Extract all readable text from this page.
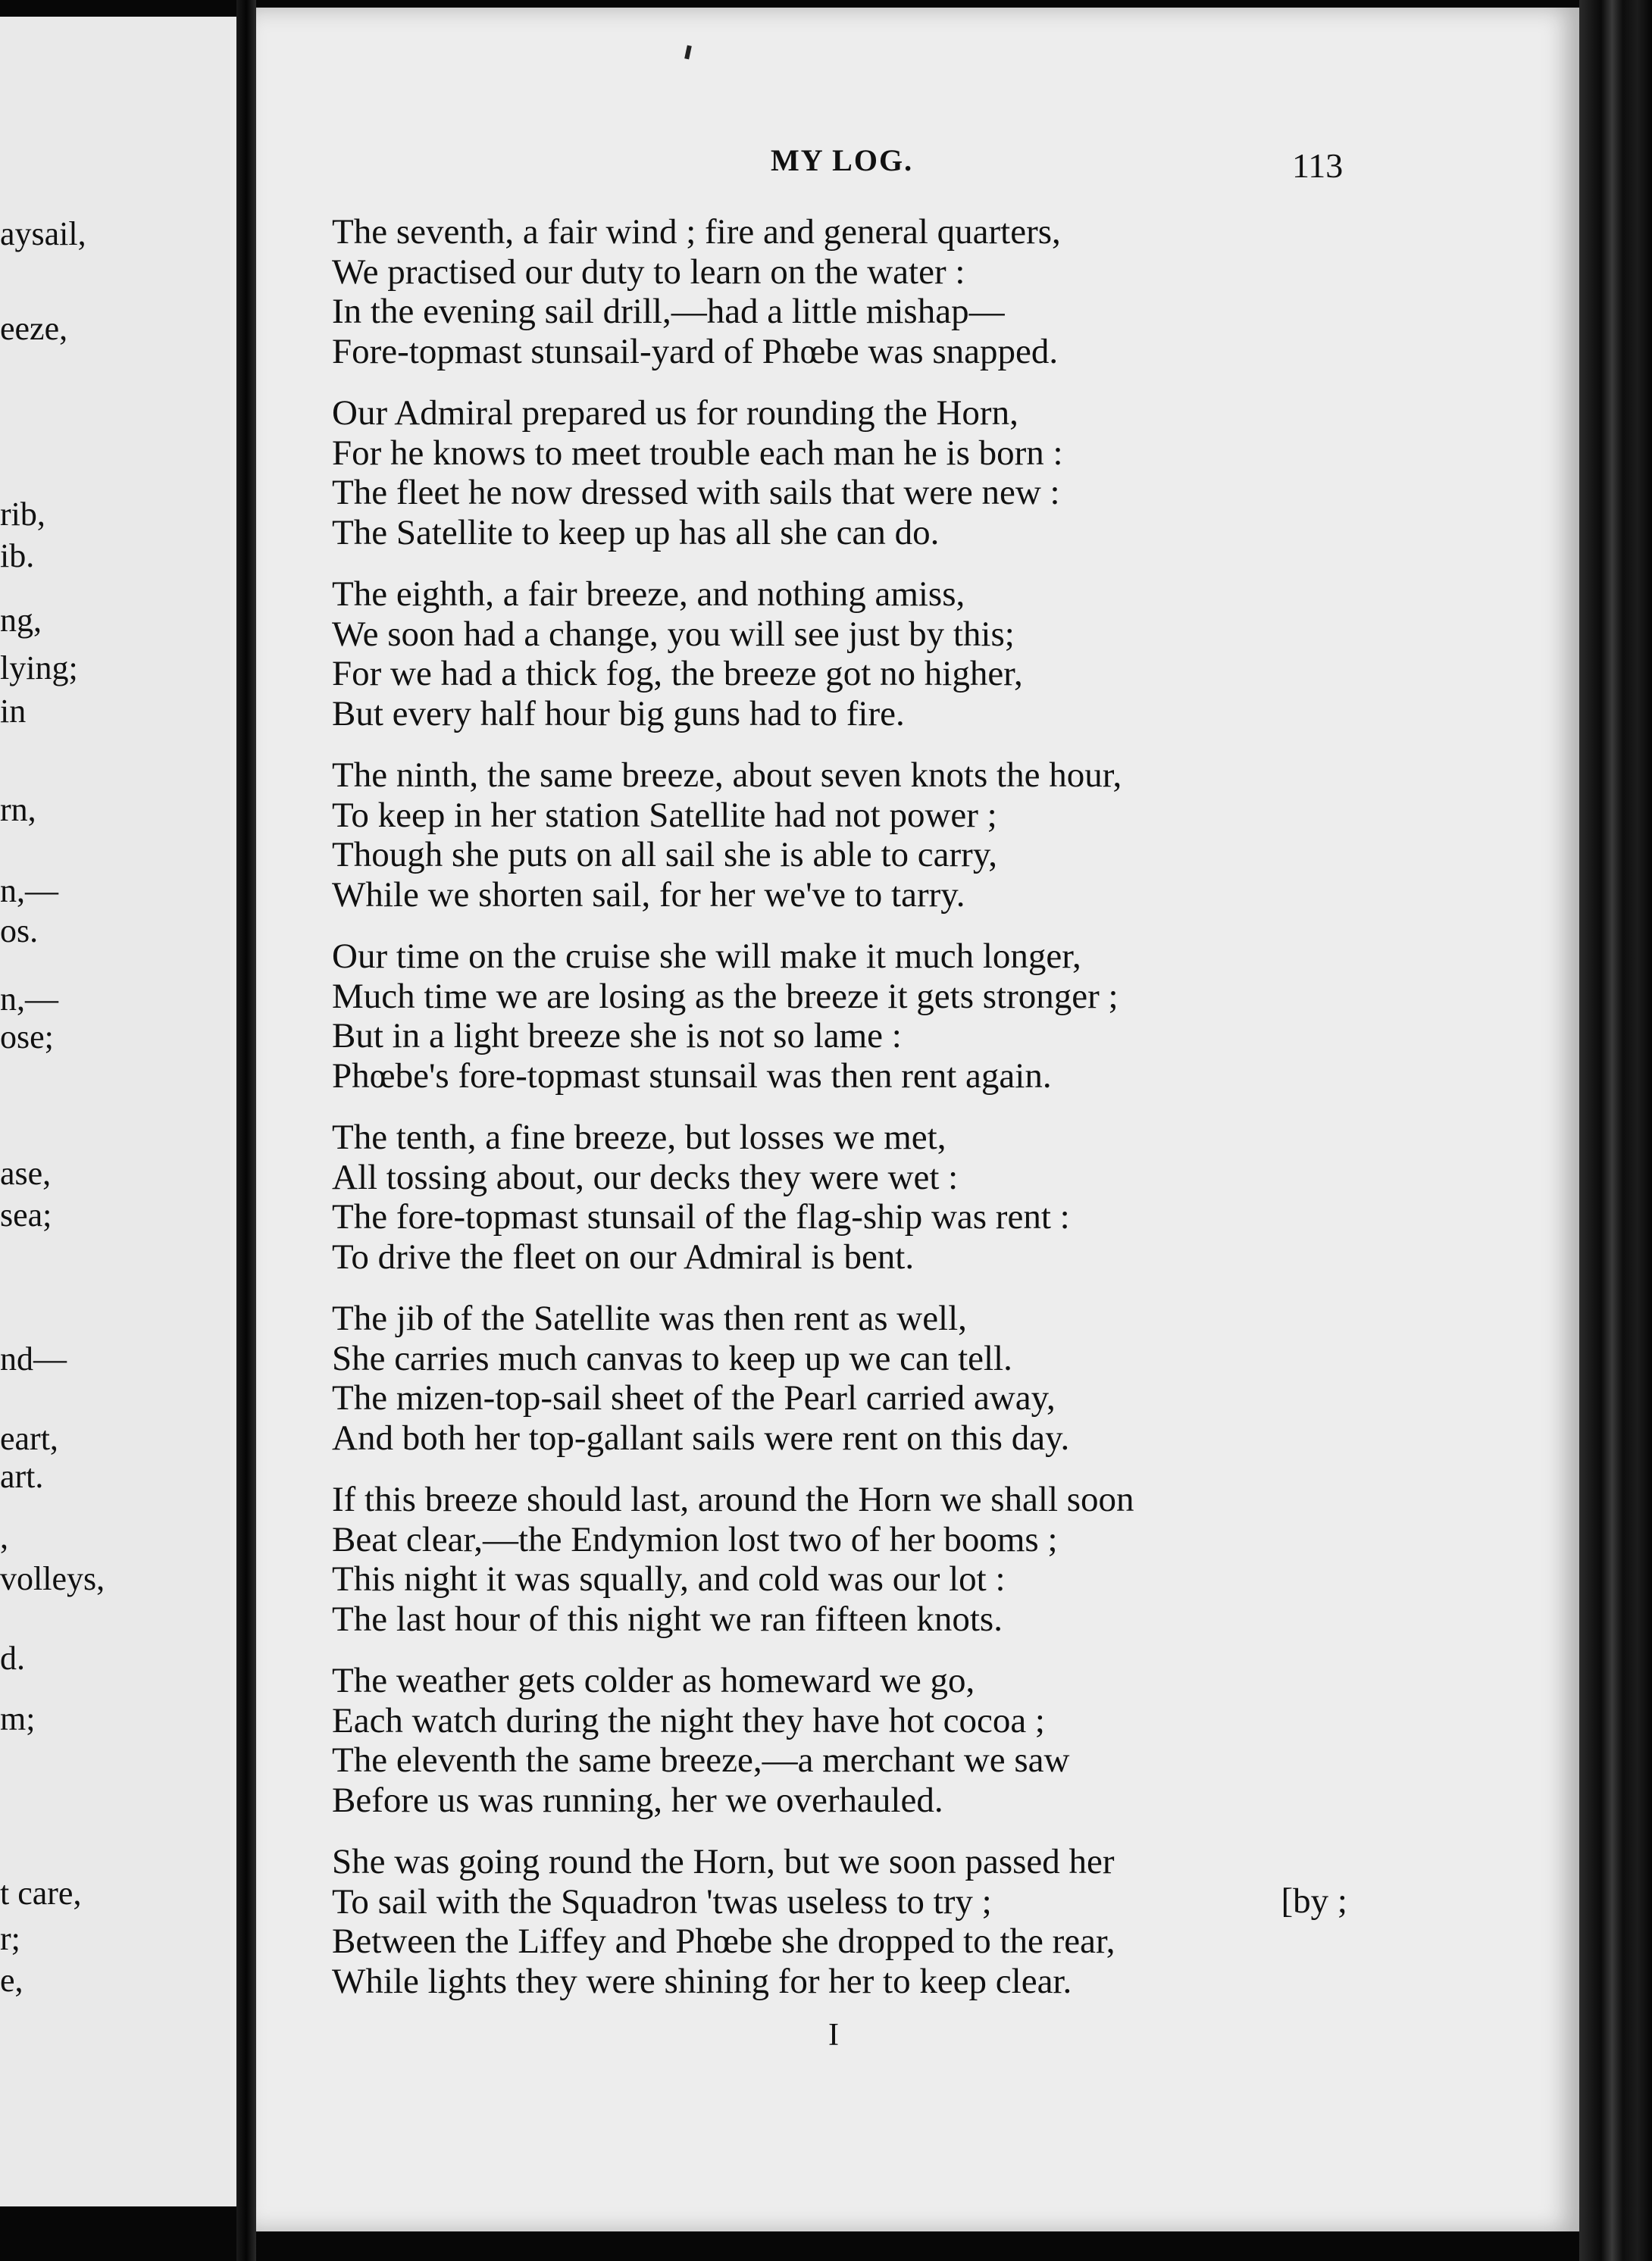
aysail,

eeze,

rib,

ib.

ng,

lying;

in

rn,

n,—

os.

n,—

ose;

ase,

sea;

nd—

eart,

art.

,

volleys,

d.

m;

t care,

r;

e,

MY LOG.	113

The seventh, a fair wind ; fire and general quarters,

We practised our duty to learn on the water :

In the evening sail drill,—had a little mishap—

Fore-topmast stunsail-yard of Phœbe was snapped.

Our Admiral prepared us for rounding the Horn,

For he knows to meet trouble each man he is born :

The fleet he now dressed with sails that were new :

The Satellite to keep up has all she can do.

The eighth, a fair breeze, and nothing amiss,

We soon had a change, you will see just by this;

For we had a thick fog, the breeze got no higher,

But every half hour big guns had to fire.

The ninth, the same breeze, about seven knots the hour,

To keep in her station Satellite had not power ;

Though she puts on all sail she is able to carry,

While we shorten sail, for her we've to tarry.

Our time on the cruise she will make it much longer,

Much time we are losing as the breeze it gets stronger ;

But in a light breeze she is not so lame :

Phœbe's fore-topmast stunsail was then rent again.

The tenth, a fine breeze, but losses we met,

All tossing about, our decks they were wet :

The fore-topmast stunsail of the flag-ship was rent :

To drive the fleet on our Admiral is bent.

The jib of the Satellite was then rent as well,

She carries much canvas to keep up we can tell.

The mizen-top-sail sheet of the Pearl carried away,

And both her top-gallant sails were rent on this day.

If this breeze should last, around the Horn we shall soon

Beat clear,—the Endymion lost two of her booms ;

This night it was squally, and cold was our lot :

The last hour of this night we ran fifteen knots.

The weather gets colder as homeward we go,

Each watch during the night they have hot cocoa ;

The eleventh the same breeze,—a merchant we saw

Before us was running, her we overhauled.

She was going round the Horn, but we soon passed her

To sail with the Squadron 'twas useless to try ;

Between the Liffey and Phœbe she dropped to the rear,

While lights they were shining for her to keep clear.

[by ;

I
